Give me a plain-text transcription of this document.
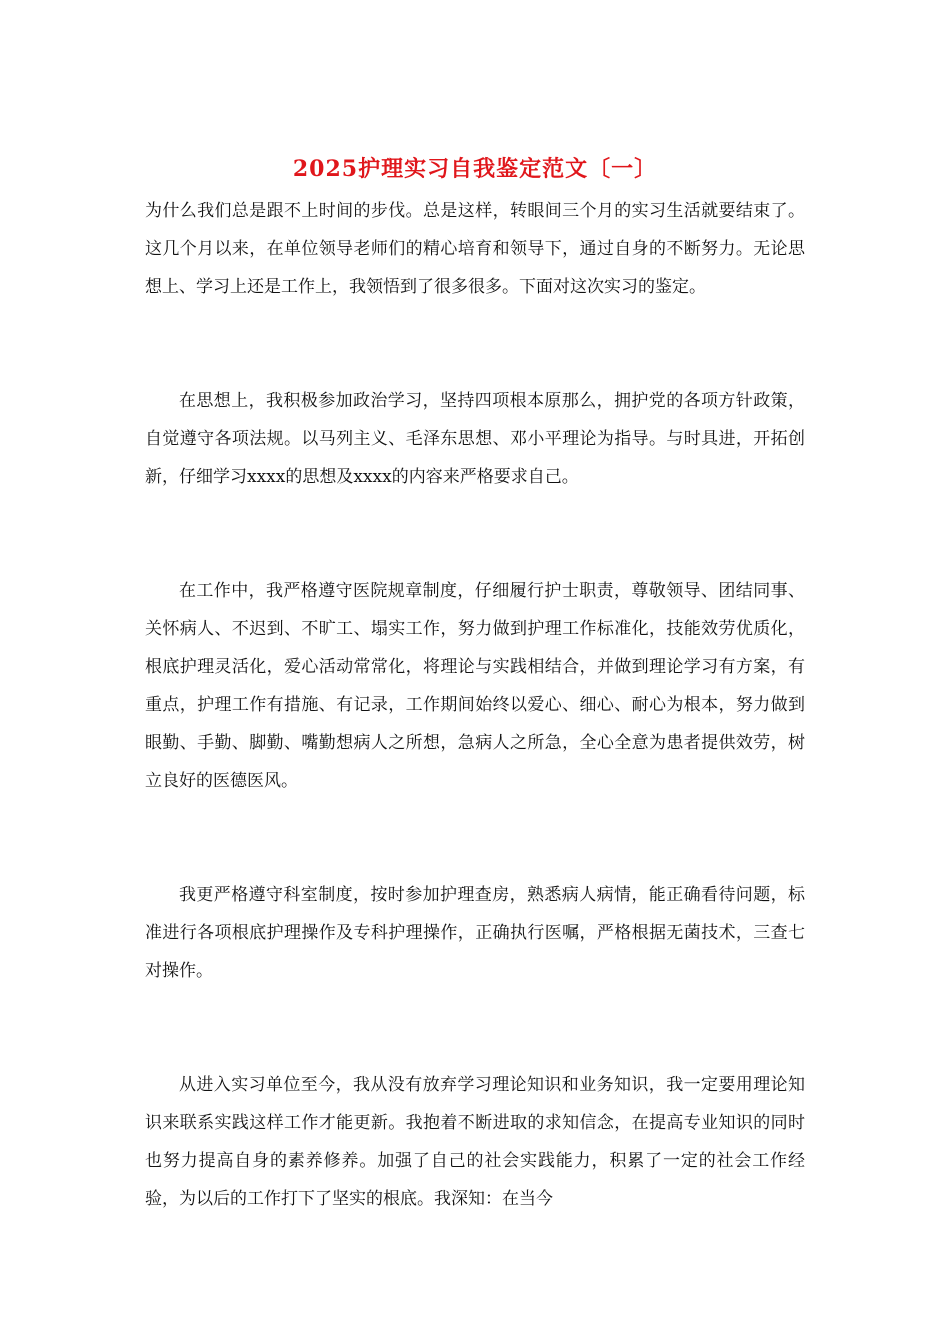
2025护理实习自我鉴定范文〔一〕

为什么我们总是跟不上时间的步伐。总是这样，转眼间三个月的实习生活就要结束了。这几个月以来，在单位领导老师们的精心培育和领导下，通过自身的不断努力。无论思想上、学习上还是工作上，我领悟到了很多很多。下面对这次实习的鉴定。

在思想上，我积极参加政治学习，坚持四项根本原那么，拥护党的各项方针政策，自觉遵守各项法规。以马列主义、毛泽东思想、邓小平理论为指导。与时具进，开拓创新，仔细学习xxxx的思想及xxxx的内容来严格要求自己。

在工作中，我严格遵守医院规章制度，仔细履行护士职责，尊敬领导、团结同事、关怀病人、不迟到、不旷工、塌实工作，努力做到护理工作标准化，技能效劳优质化，根底护理灵活化，爱心活动常常化，将理论与实践相结合，并做到理论学习有方案，有重点，护理工作有措施、有记录，工作期间始终以爱心、细心、耐心为根本，努力做到眼勤、手勤、脚勤、嘴勤想病人之所想，急病人之所急，全心全意为患者提供效劳，树立良好的医德医风。

我更严格遵守科室制度，按时参加护理查房，熟悉病人病情，能正确看待问题，标准进行各项根底护理操作及专科护理操作，正确执行医嘱，严格根据无菌技术，三查七对操作。

从进入实习单位至今，我从没有放弃学习理论知识和业务知识，我一定要用理论知识来联系实践这样工作才能更新。我抱着不断进取的求知信念，在提高专业知识的同时也努力提高自身的素养修养。加强了自己的社会实践能力，积累了一定的社会工作经验，为以后的工作打下了坚实的根底。我深知：在当今
